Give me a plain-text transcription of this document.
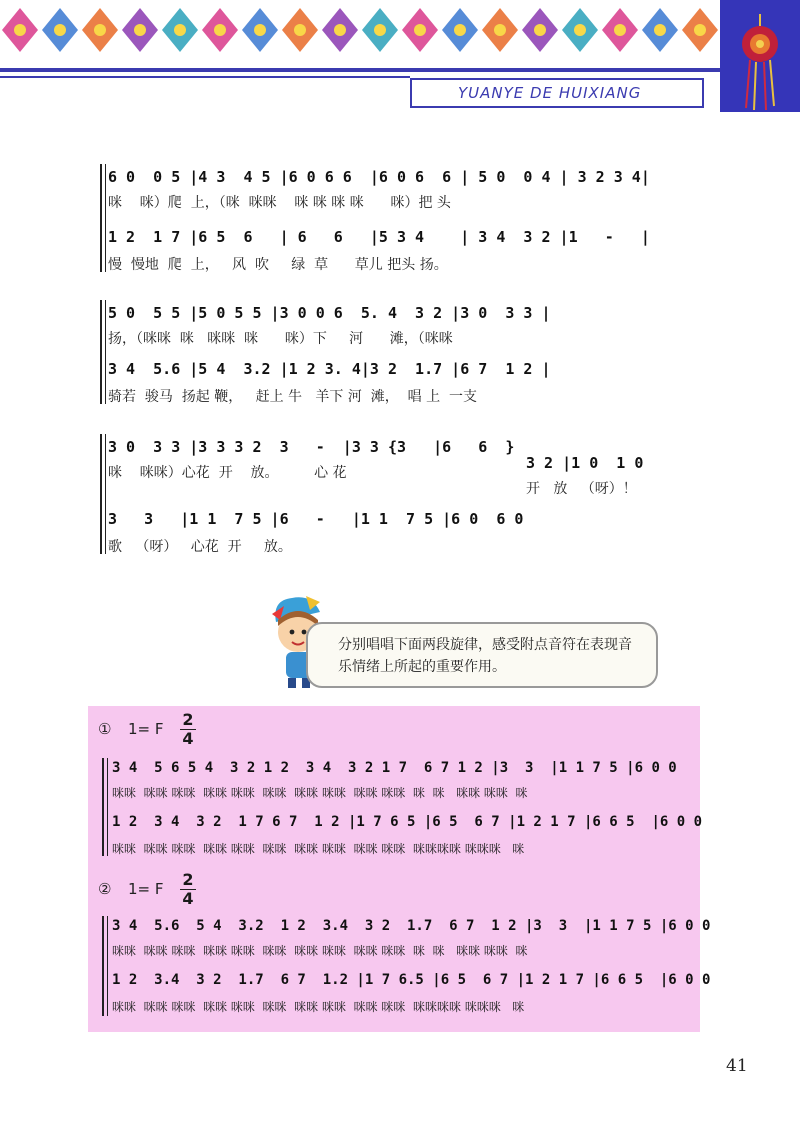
YUANYE DE HUIXIANG
6 0  0 5 |4 3  4 5 |6 0 6 6  |6 0 6  6 | 5 0  0 4 | 3 2 3 4|
咪    咪）爬  上，（咪  咪咪    咪 咪 咪 咪      咪）把 头
1 2  1 7 |6 5  6   | 6   6   |5 3 4    | 3 4  3 2 |1   -   |
慢  慢地  爬  上，   风  吹     绿  草      草儿 把头 扬。
5 0  5 5 |5 0 5 5 |3 0 0 6  5. 4  3 2 |3 0  3 3 |
扬，（咪咪  咪   咪咪  咪      咪）下     河      滩，（咪咪
3 4  5.6 |5 4  3.2 |1 2 3. 4|3 2  1.7 |6 7  1 2 |
骑若  骏马  扬起 鞭，   赶上 牛   羊下 河  滩，  唱 上  一支
3 0  3 3 |3 3 3 2  3   -  |3 3 {3   |6   6  }
咪    咪咪）心花  开    放。        心 花
3 2 |1 0  1 0
开   放   （呀）！
3   3   |1 1  7 5 |6   -   |1 1  7 5 |6 0  6 0
歌   （呀）   心花  开     放。
分别唱唱下面两段旋律，感受附点音符在表现音乐情绪上所起的重要作用。
① 1= F 2
4
3 4  5 6 5 4  3 2 1 2  3 4  3 2 1 7  6 7 1 2 |3  3  |1 1 7 5 |6 0 0
咪咪  咪咪 咪咪  咪咪 咪咪  咪咪  咪咪 咪咪  咪咪 咪咪  咪  咪   咪咪 咪咪  咪
1 2  3 4  3 2  1 7 6 7  1 2 |1 7 6 5 |6 5  6 7 |1 2 1 7 |6 6 5  |6 0 0
咪咪  咪咪 咪咪  咪咪 咪咪  咪咪  咪咪 咪咪  咪咪 咪咪  咪咪咪咪 咪咪咪   咪
② 1= F 2
4
3 4  5.6  5 4  3.2  1 2  3.4  3 2  1.7  6 7  1 2 |3  3  |1 1 7 5 |6 0 0
咪咪  咪咪 咪咪  咪咪 咪咪  咪咪  咪咪 咪咪  咪咪 咪咪  咪  咪   咪咪 咪咪  咪
1 2  3.4  3 2  1.7  6 7  1.2 |1 7 6.5 |6 5  6 7 |1 2 1 7 |6 6 5  |6 0 0
咪咪  咪咪 咪咪  咪咪 咪咪  咪咪  咪咪 咪咪  咪咪 咪咪  咪咪咪咪 咪咪咪   咪
41
